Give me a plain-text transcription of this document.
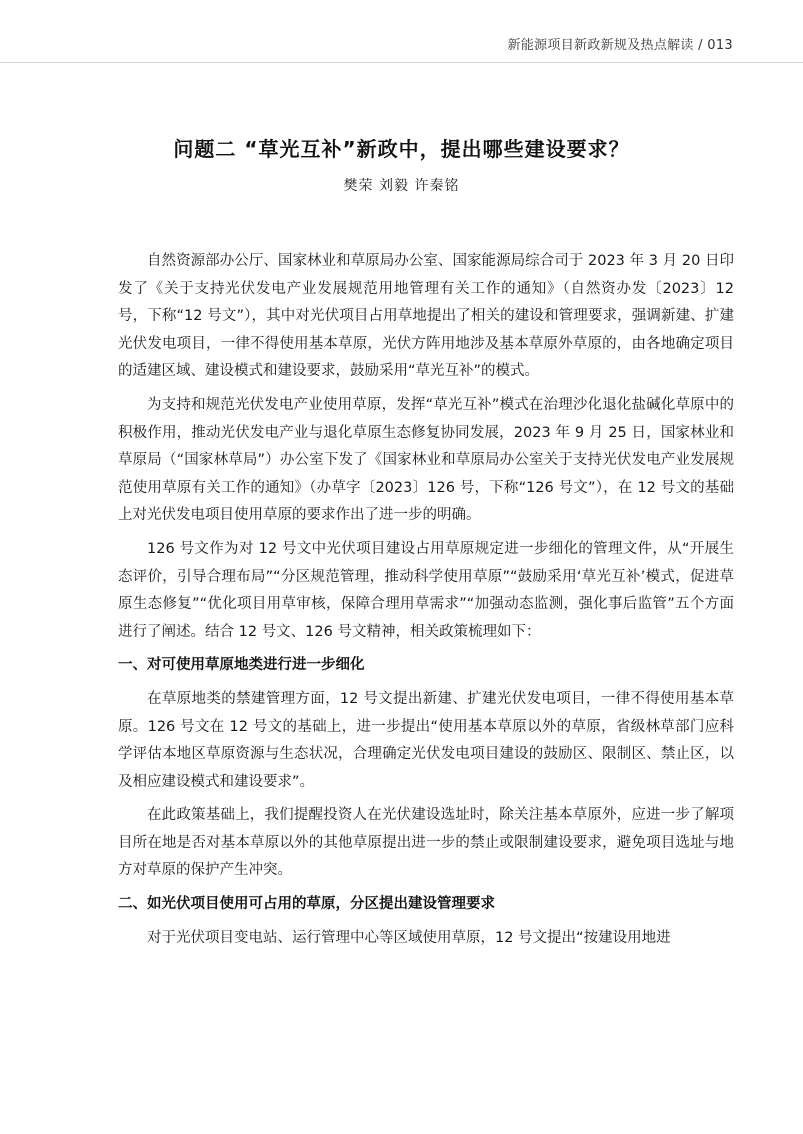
新能源项目新政新规及热点解读 / 013
问题二 “草光互补”新政中，提出哪些建设要求？
樊荣 刘毅 许秦铭

自然资源部办公厅、国家林业和草原局办公室、国家能源局综合司于 2023 年 3 月 20 日印发了《关于支持光伏发电产业发展规范用地管理有关工作的通知》（自然资办发〔2023〕12 号，下称“12 号文”），其中对光伏项目占用草地提出了相关的建设和管理要求，强调新建、扩建光伏发电项目，一律不得使用基本草原，光伏方阵用地涉及基本草原外草原的，由各地确定项目的适建区域、建设模式和建设要求，鼓励采用“草光互补”的模式。

为支持和规范光伏发电产业使用草原，发挥“草光互补”模式在治理沙化退化盐碱化草原中的积极作用，推动光伏发电产业与退化草原生态修复协同发展，2023 年 9 月 25 日，国家林业和草原局（“国家林草局”）办公室下发了《国家林业和草原局办公室关于支持光伏发电产业发展规范使用草原有关工作的通知》（办草字〔2023〕126 号，下称“126 号文”），在 12 号文的基础上对光伏发电项目使用草原的要求作出了进一步的明确。

126 号文作为对 12 号文中光伏项目建设占用草原规定进一步细化的管理文件，从“开展生态评价，引导合理布局”“分区规范管理，推动科学使用草原”“鼓励采用‘草光互补’模式，促进草原生态修复”“优化项目用草审核，保障合理用草需求”“加强动态监测，强化事后监管”五个方面进行了阐述。结合 12 号文、126 号文精神，相关政策梳理如下：

一、对可使用草原地类进行进一步细化

在草原地类的禁建管理方面，12 号文提出新建、扩建光伏发电项目，一律不得使用基本草原。126 号文在 12 号文的基础上，进一步提出“使用基本草原以外的草原，省级林草部门应科学评估本地区草原资源与生态状况，合理确定光伏发电项目建设的鼓励区、限制区、禁止区，以及相应建设模式和建设要求”。

在此政策基础上，我们提醒投资人在光伏建设选址时，除关注基本草原外，应进一步了解项目所在地是否对基本草原以外的其他草原提出进一步的禁止或限制建设要求，避免项目选址与地方对草原的保护产生冲突。

二、如光伏项目使用可占用的草原，分区提出建设管理要求

对于光伏项目变电站、运行管理中心等区域使用草原，12 号文提出“按建设用地进
